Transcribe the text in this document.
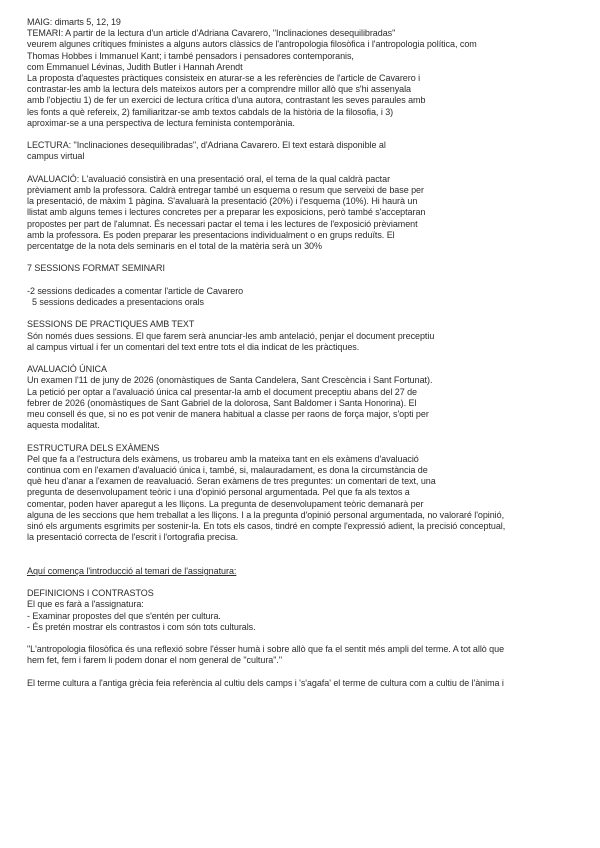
MAIG: dimarts 5, 12, 19
TEMARI: A partir de la lectura d'un article d'Adriana Cavarero, "Inclinaciones desequilibradas"
veurem algunes crítiques fministes a alguns autors clàssics de l'antropologia filosòfica i l'antropologia política, com
Thomas Hobbes i Immanuel Kant; i també pensadors i pensadores contemporanis,
com Emmanuel Lévinas, Judith Butler i Hannah Arendt
La proposta d'aquestes pràctiques consisteix en aturar-se a les referències de l'article de Cavarero i
contrastar-les amb la lectura dels mateixos autors per a comprendre millor allò que s'hi assenyala
amb l'objectiu 1) de fer un exercici de lectura crítica d'una autora, contrastant les seves paraules amb
les fonts a què refereix, 2) familiaritzar-se amb textos cabdals de la història de la filosofia, i 3)
aproximar-se a una perspectiva de lectura feminista contemporània.
LECTURA: "Inclinaciones desequilibradas", d'Adriana Cavarero. El text estarà disponible al
campus virtual
AVALUACIÓ: L'avaluació consistirà en una presentació oral, el tema de la qual caldrà pactar
prèviament amb la professora. Caldrà entregar també un esquema o resum que serveixi de base per
la presentació, de màxim 1 pàgina. S'avaluarà la presentació (20%) i l'esquema (10%). Hi haurà un
llistat amb alguns temes i lectures concretes per a preparar les exposicions, però també s'acceptaran
propostes per part de l'alumnat. És necessari pactar el tema i les lectures de l'exposició prèviament
amb la professora. Es poden preparar les presentacions individualment o en grups reduïts. El
percentatge de la nota dels seminaris en el total de la matèria serà un 30%
7 SESSIONS FORMAT SEMINARI
-2 sessions dedicades a comentar l'article de Cavarero
5 sessions dedicades a presentacions orals
SESSIONS DE PRACTIQUES AMB TEXT
Són només dues sessions. El que farem serà anunciar-les amb antelació, penjar el document preceptiu
al campus virtual i fer un comentari del text entre tots el dia indicat de les pràctiques.
AVALUACIÓ ÚNICA
Un examen l'11 de juny de 2026 (onomàstiques de Santa Candelera, Sant Crescència i Sant Fortunat).
La petició per optar a l'avaluació única cal presentar-la amb el document preceptiu abans del 27 de
febrer de 2026 (onomàstiques de Sant Gabriel de la dolorosa, Sant Baldomer i Santa Honorina). El
meu consell és que, si no es pot venir de manera habitual a classe per raons de força major, s'opti per
aquesta modalitat.
ESTRUCTURA DELS EXÀMENS
Pel que fa a l'estructura dels exàmens, us trobareu amb la mateixa tant en els exàmens d'avaluació
continua com en l'examen d'avaluació única i, també, si, malauradament, es dona la circumstància de
què heu d'anar a l'examen de reavaluació. Seran exàmens de tres preguntes: un comentari de text, una
pregunta de desenvolupament teòric i una d'opinió personal argumentada. Pel que fa als textos a
comentar, poden haver aparegut a les lliçons. La pregunta de desenvolupament teòric demanarà per
alguna de les seccions que hem treballat a les lliçons. I a la pregunta d'opinió personal argumentada, no valoraré l'opinió,
sinó els arguments esgrimits per sostenir-la. En tots els casos, tindré en compte l'expressió adient, la precisió conceptual,
la presentació correcta de l'escrit i l'ortografia precisa.
Aquí comença l'introducció al temari de l'assignatura:
DEFINICIONS I CONTRASTOS
El que es farà a l'assignatura:
- Examinar propostes del que s'entén per cultura.
- És pretén mostrar els contrastos i com són tots culturals.
"L'antropologia filosòfica és una reflexió sobre l'ésser humà i sobre allò que fa el sentit més ampli del terme. A tot allò que
hem fet, fem i farem li podem donar el nom general de "cultura"."
El terme cultura a l'antiga grècia feia referència al cultiu dels camps i 's'agafa' el terme de cultura com a cultiu de l'ànima i
